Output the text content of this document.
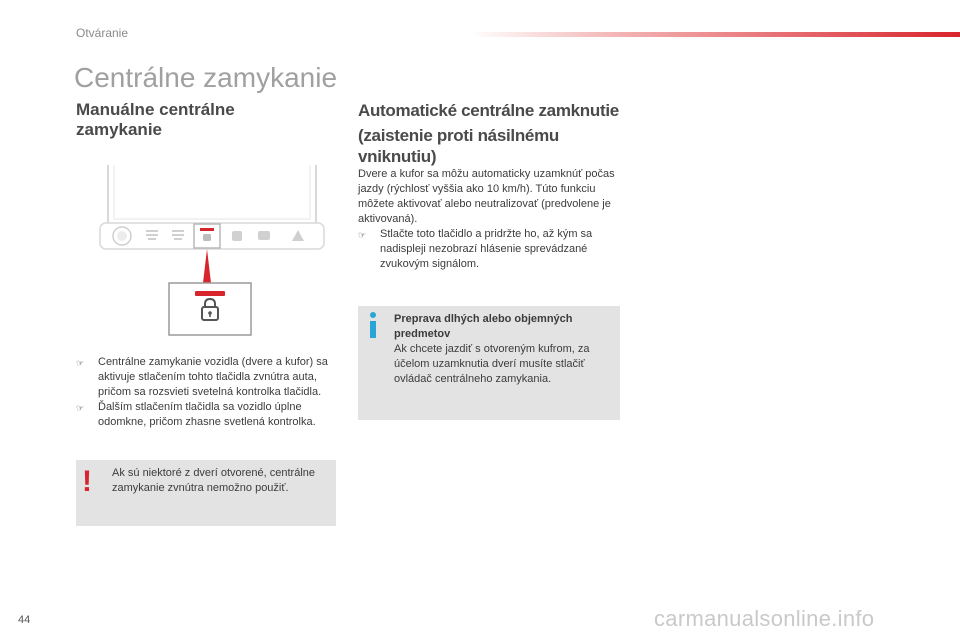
Otváranie
Centrálne zamykanie
Manuálne centrálne
zamykanie
☞	Centrálne zamykanie vozidla (dvere a kufor) sa aktivuje stlačením tohto tlačidla zvnútra auta, pričom sa rozsvieti svetelná kontrolka tlačidla.
☞	Ďalším stlačením tlačidla sa vozidlo úplne odomkne, pričom zhasne svetlená kontrolka.
! Ak sú niektoré z dverí otvorené, centrálne zamykanie zvnútra nemožno použiť.
Automatické centrálne zamknutie
(zaistenie proti násilnému
vniknutiu)
Dvere a kufor sa môžu automaticky uzamknúť počas jazdy (rýchlosť vyššia ako 10 km/h). Túto funkciu môžete aktivovať alebo neutralizovať (predvolene je aktivovaná).
☞	Stlačte toto tlačidlo a pridržte ho, až kým sa nadispleji nezobrazí hlásenie sprevádzané zvukovým signálom.
Preprava dlhých alebo objemných predmetov
Ak chcete jazdiť s otvoreným kufrom, za účelom uzamknutia dverí musíte stlačiť ovládač centrálneho zamykania.
44	carmanualsonline.info
